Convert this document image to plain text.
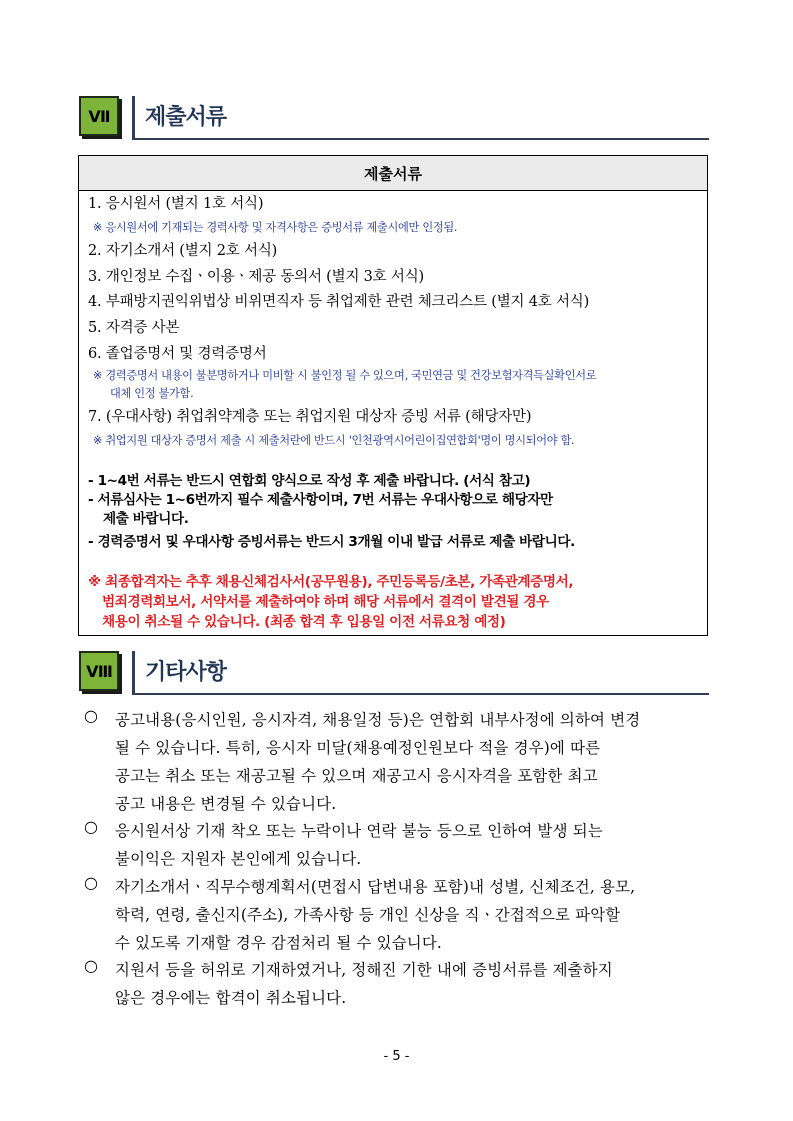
Ⅶ	제출서류
제출서류
1. 응시원서 (별지 1호 서식)
※ 응시원서에 기재되는 경력사항 및 자격사항은 증빙서류 제출시에만 인정됨.
2. 자기소개서 (별지 2호 서식)
3. 개인정보 수집ㆍ이용ㆍ제공 동의서 (별지 3호 서식)
4. 부패방지권익위법상 비위면직자 등 취업제한 관련 체크리스트 (별지 4호 서식)
5. 자격증 사본
6. 졸업증명서 및 경력증명서
※ 경력증명서 내용이 불분명하거나 미비할 시 불인정 될 수 있으며, 국민연금 및 건강보험자격득실확인서로
대체 인정 불가함.
7. (우대사항) 취업취약계층 또는 취업지원 대상자 증빙 서류 (해당자만)
※ 취업지원 대상자 증명서 제출 시 제출처란에 반드시 '인천광역시어린이집연합회'명이 명시되어야 함.
- 1~4번 서류는 반드시 연합회 양식으로 작성 후 제출 바랍니다. (서식 참고)
- 서류심사는 1~6번까지 필수 제출사항이며, 7번 서류는 우대사항으로 해당자만
제출 바랍니다.
- 경력증명서 및 우대사항 증빙서류는 반드시 3개월 이내 발급 서류로 제출 바랍니다.
※ 최종합격자는 추후 채용신체검사서(공무원용), 주민등록등/초본, 가족관계증명서,
범죄경력회보서, 서약서를 제출하여야 하며 해당 서류에서 결격이 발견될 경우
채용이 취소될 수 있습니다. (최종 합격 후 입용일 이전 서류요청 예정)
Ⅷ	기타사항
○ 공고내용(응시인원, 응시자격, 채용일정 등)은 연합회 내부사정에 의하여 변경
될 수 있습니다. 특히, 응시자 미달(채용예정인원보다 적을 경우)에 따른
공고는 취소 또는 재공고될 수 있으며 재공고시 응시자격을 포함한 최고
공고 내용은 변경될 수 있습니다.
○ 응시원서상 기재 착오 또는 누락이나 연락 불능 등으로 인하여 발생 되는
불이익은 지원자 본인에게 있습니다.
○ 자기소개서ㆍ직무수행계획서(면접시 답변내용 포함)내 성별, 신체조건, 용모,
학력, 연령, 출신지(주소), 가족사항 등 개인 신상을 직ㆍ간접적으로 파악할
수 있도록 기재할 경우 감점처리 될 수 있습니다.
○ 지원서 등을 허위로 기재하였거나, 정해진 기한 내에 증빙서류를 제출하지
않은 경우에는 합격이 취소됩니다.
- 5 -
